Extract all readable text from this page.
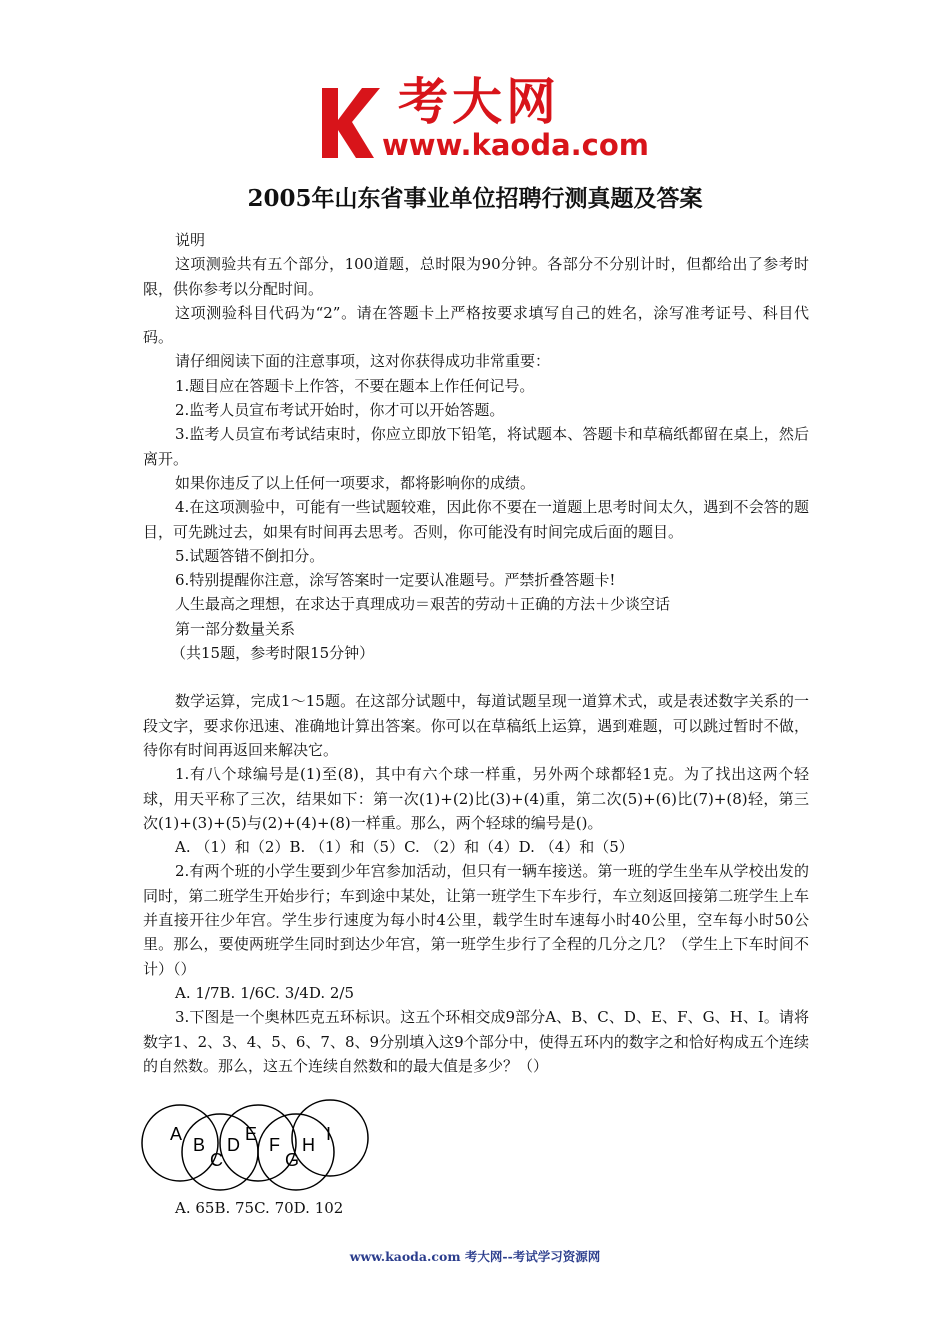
考大网
www.kaoda.com
2005年山东省事业单位招聘行测真题及答案

说明

这项测验共有五个部分，100道题，总时限为90分钟。各部分不分别计时，但都给出了参考时限，供你参考以分配时间。

这项测验科目代码为“2”。请在答题卡上严格按要求填写自己的姓名，涂写准考证号、科目代码。

请仔细阅读下面的注意事项，这对你获得成功非常重要：

1.题目应在答题卡上作答，不要在题本上作任何记号。

2.监考人员宣布考试开始时，你才可以开始答题。

3.监考人员宣布考试结束时，你应立即放下铅笔，将试题本、答题卡和草稿纸都留在桌上，然后离开。

如果你违反了以上任何一项要求，都将影响你的成绩。

4.在这项测验中，可能有一些试题较难，因此你不要在一道题上思考时间太久，遇到不会答的题目，可先跳过去，如果有时间再去思考。否则，你可能没有时间完成后面的题目。

5.试题答错不倒扣分。

6.特别提醒你注意，涂写答案时一定要认准题号。严禁折叠答题卡!

人生最高之理想，在求达于真理成功＝艰苦的劳动＋正确的方法＋少谈空话

第一部分数量关系

（共15题，参考时限15分钟）

数学运算，完成1～15题。在这部分试题中，每道试题呈现一道算术式，或是表述数字关系的一段文字，要求你迅速、准确地计算出答案。你可以在草稿纸上运算，遇到难题，可以跳过暂时不做，待你有时间再返回来解决它。

1.有八个球编号是(1)至(8)，其中有六个球一样重，另外两个球都轻1克。为了找出这两个轻球，用天平称了三次，结果如下：第一次(1)+(2)比(3)+(4)重，第二次(5)+(6)比(7)+(8)轻，第三次(1)+(3)+(5)与(2)+(4)+(8)一样重。那么，两个轻球的编号是()。

A. （1）和（2）B. （1）和（5）C. （2）和（4）D. （4）和（5）

2.有两个班的小学生要到少年宫参加活动，但只有一辆车接送。第一班的学生坐车从学校出发的同时，第二班学生开始步行；车到途中某处，让第一班学生下车步行，车立刻返回接第二班学生上车并直接开往少年宫。学生步行速度为每小时4公里，载学生时车速每小时40公里，空车每小时50公里。那么，要使两班学生同时到达少年宫，第一班学生步行了全程的几分之几？（学生上下车时间不计）（）

A. 1/7B. 1/6C. 3/4D. 2/5

3.下图是一个奥林匹克五环标识。这五个环相交成9部分A、B、C、D、E、F、G、H、I。请将数字1、2、3、4、5、6、7、8、9分别填入这9个部分中，使得五环内的数字之和恰好构成五个连续的自然数。那么，这五个连续自然数和的最大值是多少？（）

A
B
C
D
E
F
G
H
I
A. 65B. 75C. 70D. 102
www.kaoda.com 考大网--考试学习资源网
